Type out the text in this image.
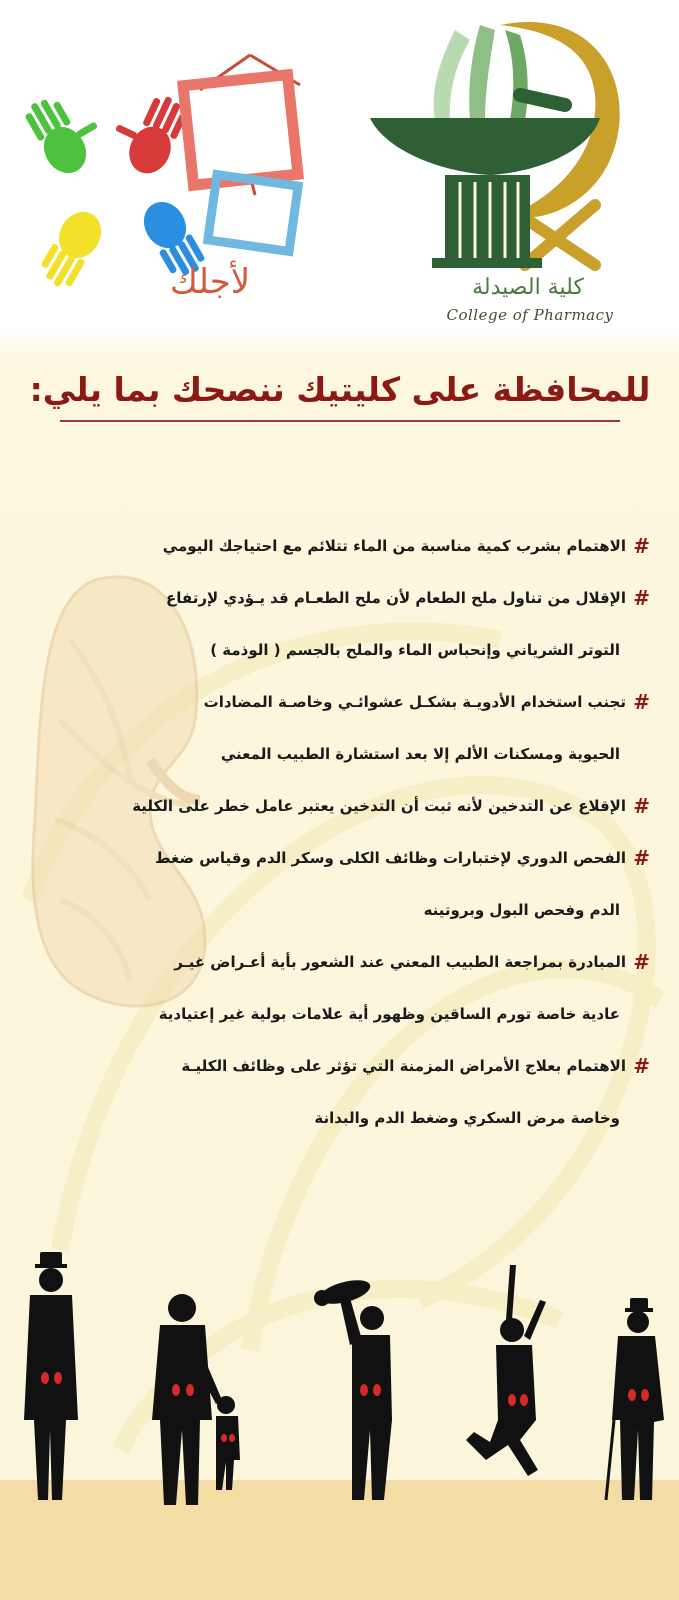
كلية الصيدلة
College of Pharmacy
لأجلك
للمحافظة على كليتيك ننصحك بما يلي:
#
الاهتمام بشرب كمية مناسبة من الماء تتلائم مع احتياجك اليومي
#
الإقلال من تناول ملح الطعام لأن ملح الطعـام قد يـؤدي لإرتفاع
التوتر الشرياني وإنحباس الماء والملح بالجسم ( الوذمة )
#
تجنب استخدام الأدويـة بشكـل عشوائـي وخاصـة المضادات
الحيوية ومسكنات الألم إلا بعد استشارة الطبيب المعني
#
الإقلاع عن التدخين لأنه ثبت أن التدخين يعتبر عامل خطر على الكلية
#
الفحص الدوري لإختبارات وظائف الكلى وسكر الدم وقياس ضغط
الدم وفحص البول وبروتينه
#
المبادرة بمراجعة الطبيب المعني عند الشعور بأية أعـراض غيـر
عادية خاصة تورم الساقين وظهور أية علامات بولية غير إعتيادية
#
الاهتمام بعلاج الأمراض المزمنة التي تؤثر على وظائف الكليـة
وخاصة مرض السكري وضغط الدم والبدانة
